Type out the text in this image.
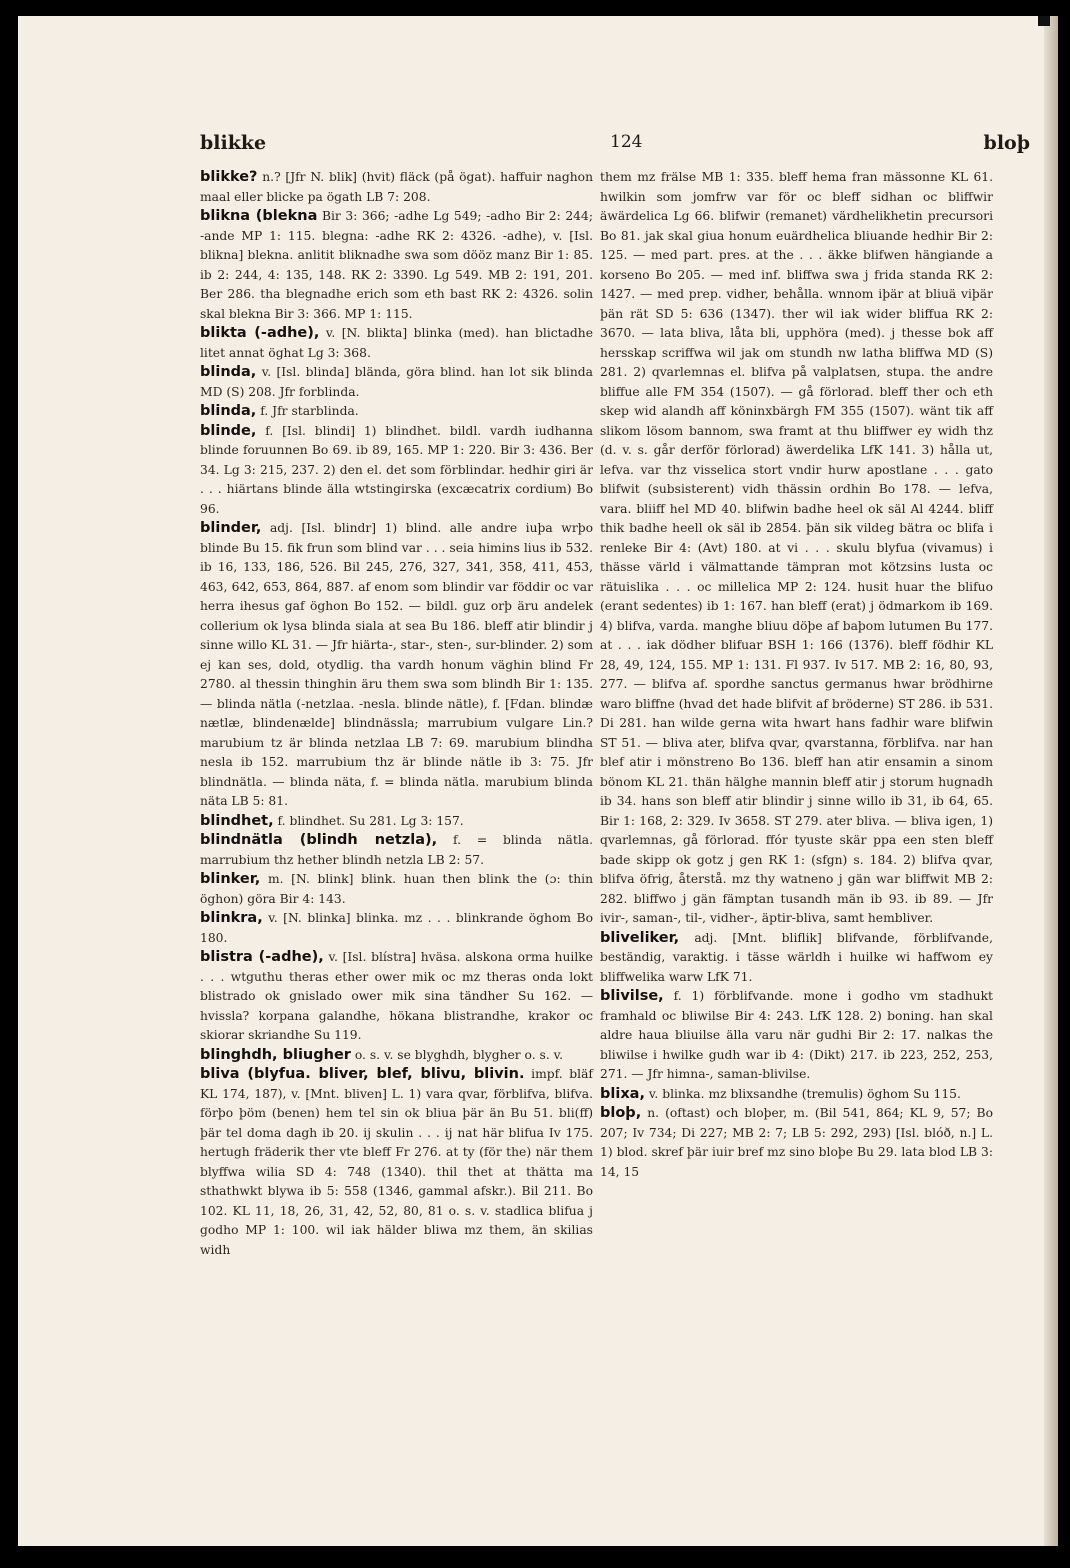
blikke	124	bloþ

blikke? n.? [Jfr N. blik] (hvit) fläck (på ögat). haffuir naghon maal eller blicke pa ögath LB 7: 208.

blikna (blekna Bir 3: 366; -adhe Lg 549; -adho Bir 2: 244; -ande MP 1: 115. blegna: -adhe RK 2: 4326. -adhe), v. [Isl. blikna] blekna. anlitit bliknadhe swa som dööz manz Bir 1: 85. ib 2: 244, 4: 135, 148. RK 2: 3390. Lg 549. MB 2: 191, 201. Ber 286. tha blegnadhe erich som eth bast RK 2: 4326. solin skal blekna Bir 3: 366. MP 1: 115.

blikta (-adhe), v. [N. blikta] blinka (med). han blictadhe litet annat öghat Lg 3: 368.

blinda, v. [Isl. blinda] blända, göra blind. han lot sik blinda MD (S) 208. Jfr forblinda.

blinda, f. Jfr starblinda.

blinde, f. [Isl. blindi] 1) blindhet. bildl. vardh iudhanna blinde foruunnen Bo 69. ib 89, 165. MP 1: 220. Bir 3: 436. Ber 34. Lg 3: 215, 237. 2) den el. det som förblindar. hedhir giri är . . . hiärtans blinde älla wtstingirska (excæcatrix cordium) Bo 96.

blinder, adj. [Isl. blindr] 1) blind. alle andre iuþa wrþo blinde Bu 15. fik frun som blind var . . . seia himins lius ib 532. ib 16, 133, 186, 526. Bil 245, 276, 327, 341, 358, 411, 453, 463, 642, 653, 864, 887. af enom som blindir var föddir oc var herra ihesus gaf öghon Bo 152. — bildl. guz orþ äru andelek collerium ok lysa blinda siala at sea Bu 186. bleff atir blindir j sinne willo KL 31. — Jfr hiärta-, star-, sten-, sur-blinder. 2) som ej kan ses, dold, otydlig. tha vardh honum väghin blind Fr 2780. al thessin thinghin äru them swa som blindh Bir 1: 135. — blinda nätla (-netzlaa. -nesla. blinde nätle), f. [Fdan. blindæ nætlæ, blindenælde] blindnässla; marrubium vulgare Lin.? marubium tz är blinda netzlaa LB 7: 69. marubium blindha nesla ib 152. marrubium thz är blinde nätle ib 3: 75. Jfr blindnätla. — blinda näta, f. = blinda nätla. marubium blinda näta LB 5: 81.

blindhet, f. blindhet. Su 281. Lg 3: 157.

blindnätla (blindh netzla), f. = blinda nätla. marrubium thz hether blindh netzla LB 2: 57.

blinker, m. [N. blink] blink. huan then blink the (ɔ: thin öghon) göra Bir 4: 143.

blinkra, v. [N. blinka] blinka. mz . . . blinkrande öghom Bo 180.

blistra (-adhe), v. [Isl. blístra] hväsa. alskona orma huilke . . . wtguthu theras ether ower mik oc mz theras onda lokt blistrado ok gnislado ower mik sina tändher Su 162. — hvissla? korpana galandhe, hökana blistrandhe, krakor oc skiorar skriandhe Su 119.

blinghdh, bliugher o. s. v. se blyghdh, blygher o. s. v.

bliva (blyfua. bliver, blef, blivu, blivin. impf. bläf KL 174, 187), v. [Mnt. bliven] L. 1) vara qvar, förblifva, blifva. förþo þöm (benen) hem tel sin ok bliua þär än Bu 51. bli(ff) þär tel doma dagh ib 20. ij skulin . . . ij nat här blifua Iv 175. hertugh fräderik ther vte bleff Fr 276. at ty (för the) när them blyffwa wilia SD 4: 748 (1340). thil thet at thätta ma sthathwkt blywa ib 5: 558 (1346, gammal afskr.). Bil 211. Bo 102. KL 11, 18, 26, 31, 42, 52, 80, 81 o. s. v. stadlica blifua j godho MP 1: 100. wil iak hälder bliwa mz them, än skilias widh

them mz frälse MB 1: 335. bleff hema fran mässonne KL 61. hwilkin som jomfrw var för oc bleff sidhan oc bliffwir äwärdelica Lg 66. blifwir (remanet) värdhelikhetin precursori Bo 81. jak skal giua honum euärdhelica bliuande hedhir Bir 2: 125. — med part. pres. at the . . . äkke blifwen hängiande a korseno Bo 205. — med inf. bliffwa swa j frida standa RK 2: 1427. — med prep. vidher, behålla. wnnom iþär at bliuä viþär þän rät SD 5: 636 (1347). ther wil iak wider bliffua RK 2: 3670. — lata bliva, låta bli, upphöra (med). j thesse bok aff hersskap scriffwa wil jak om stundh nw latha bliffwa MD (S) 281. 2) qvarlemnas el. blifva på valplatsen, stupa. the andre bliffue alle FM 354 (1507). — gå förlorad. bleff ther och eth skep wid alandh aff köninxbärgh FM 355 (1507). wänt tik aff slikom lösom bannom, swa framt at thu bliffwer ey widh thz (d. v. s. går derför förlorad) äwerdelika LfK 141. 3) hålla ut, lefva. var thz visselica stort vndir hurw apostlane . . . gato blifwit (subsisterent) vidh thässin ordhin Bo 178. — lefva, vara. bliiff hel MD 40. blifwin badhe heel ok säl Al 4244. bliff thik badhe heell ok säl ib 2854. þän sik vildeg bätra oc blifa i renleke Bir 4: (Avt) 180. at vi . . . skulu blyfua (vivamus) i thässe värld i välmattande tämpran mot kötzsins lusta oc rätuislika . . . oc millelica MP 2: 124. husit huar the blifuo (erant sedentes) ib 1: 167. han bleff (erat) j ödmarkom ib 169. 4) blifva, varda. manghe bliuu döþe af baþom lutumen Bu 177. at . . . iak dödher blifuar BSH 1: 166 (1376). bleff födhir KL 28, 49, 124, 155. MP 1: 131. Fl 937. Iv 517. MB 2: 16, 80, 93, 277. — blifva af. spordhe sanctus germanus hwar brödhirne waro bliffne (hvad det hade blifvit af bröderne) ST 286. ib 531. Di 281. han wilde gerna wita hwart hans fadhir ware blifwin ST 51. — bliva ater, blifva qvar, qvarstanna, förblifva. nar han blef atir i mönstreno Bo 136. bleff han atir ensamin a sinom bönom KL 21. thän hälghe mannin bleff atir j storum hugnadh ib 34. hans son bleff atir blindir j sinne willo ib 31, ib 64, 65. Bir 1: 168, 2: 329. Iv 3658. ST 279. ater bliva. — bliva igen, 1) qvarlemnas, gå förlorad. ffór tyuste skär ppa een sten bleff bade skipp ok gotz j gen RK 1: (sfgn) s. 184. 2) blifva qvar, blifva öfrig, återstå. mz thy watneno j gän war bliffwit MB 2: 282. bliffwo j gän fämptan tusandh män ib 93. ib 89. — Jfr ivir-, saman-, til-, vidher-, äptir-bliva, samt hembliver.

bliveliker, adj. [Mnt. bliflik] blifvande, förblifvande, beständig, varaktig. i tässe wärldh i huilke wi haffwom ey bliffwelika warw LfK 71.

blivilse, f. 1) förblifvande. mone i godho vm stadhukt framhald oc bliwilse Bir 4: 243. LfK 128. 2) boning. han skal aldre haua bliuilse älla varu när gudhi Bir 2: 17. nalkas the bliwilse i hwilke gudh war ib 4: (Dikt) 217. ib 223, 252, 253, 271. — Jfr himna-, saman-blivilse.

blixa, v. blinka. mz blixsandhe (tremulis) öghom Su 115.

bloþ, n. (oftast) och bloþer, m. (Bil 541, 864; KL 9, 57; Bo 207; Iv 734; Di 227; MB 2: 7; LB 5: 292, 293) [Isl. blóð, n.] L. 1) blod. skref þär iuir bref mz sino bloþe Bu 29. lata blod LB 3: 14, 15
